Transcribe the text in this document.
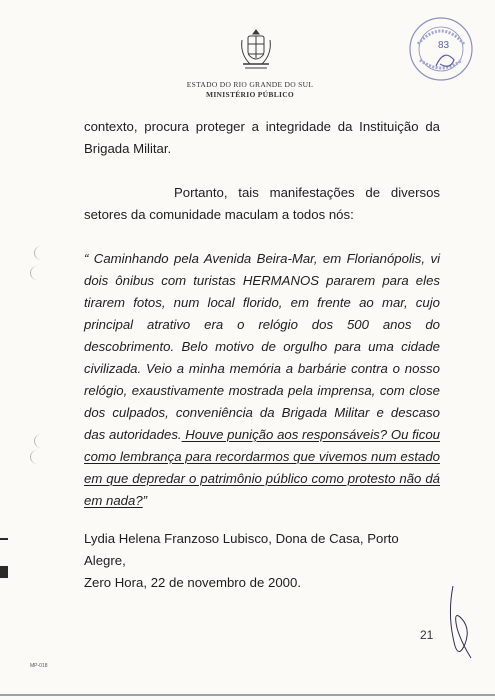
83
ESTADO DO RIO GRANDE DO SUL
MINISTÉRIO PÚBLICO
contexto, procura proteger a integridade da Instituição da Brigada Militar.
Portanto, tais manifestações de diversos setores da comunidade maculam a todos nós:
“ Caminhando pela Avenida Beira-Mar, em Florianópolis, vi dois ônibus com turistas HERMANOS pararem para eles tirarem fotos, num local florido, em frente ao mar, cujo principal atrativo era o relógio dos 500 anos do descobrimento. Belo motivo de orgulho para uma cidade civilizada. Veio a minha memória a barbárie contra o nosso relógio, exaustivamente mostrada pela imprensa, com close dos culpados, conveniência da Brigada Militar e descaso das autoridades. Houve punição aos responsáveis? Ou ficou como lembrança para recordarmos que vivemos num estado em que depredar o patrimônio público como protesto não dá em nada?”
Lydia Helena Franzoso Lubisco, Dona de Casa, Porto Alegre,
Zero Hora, 22 de novembro de 2000.
21
MP-018
